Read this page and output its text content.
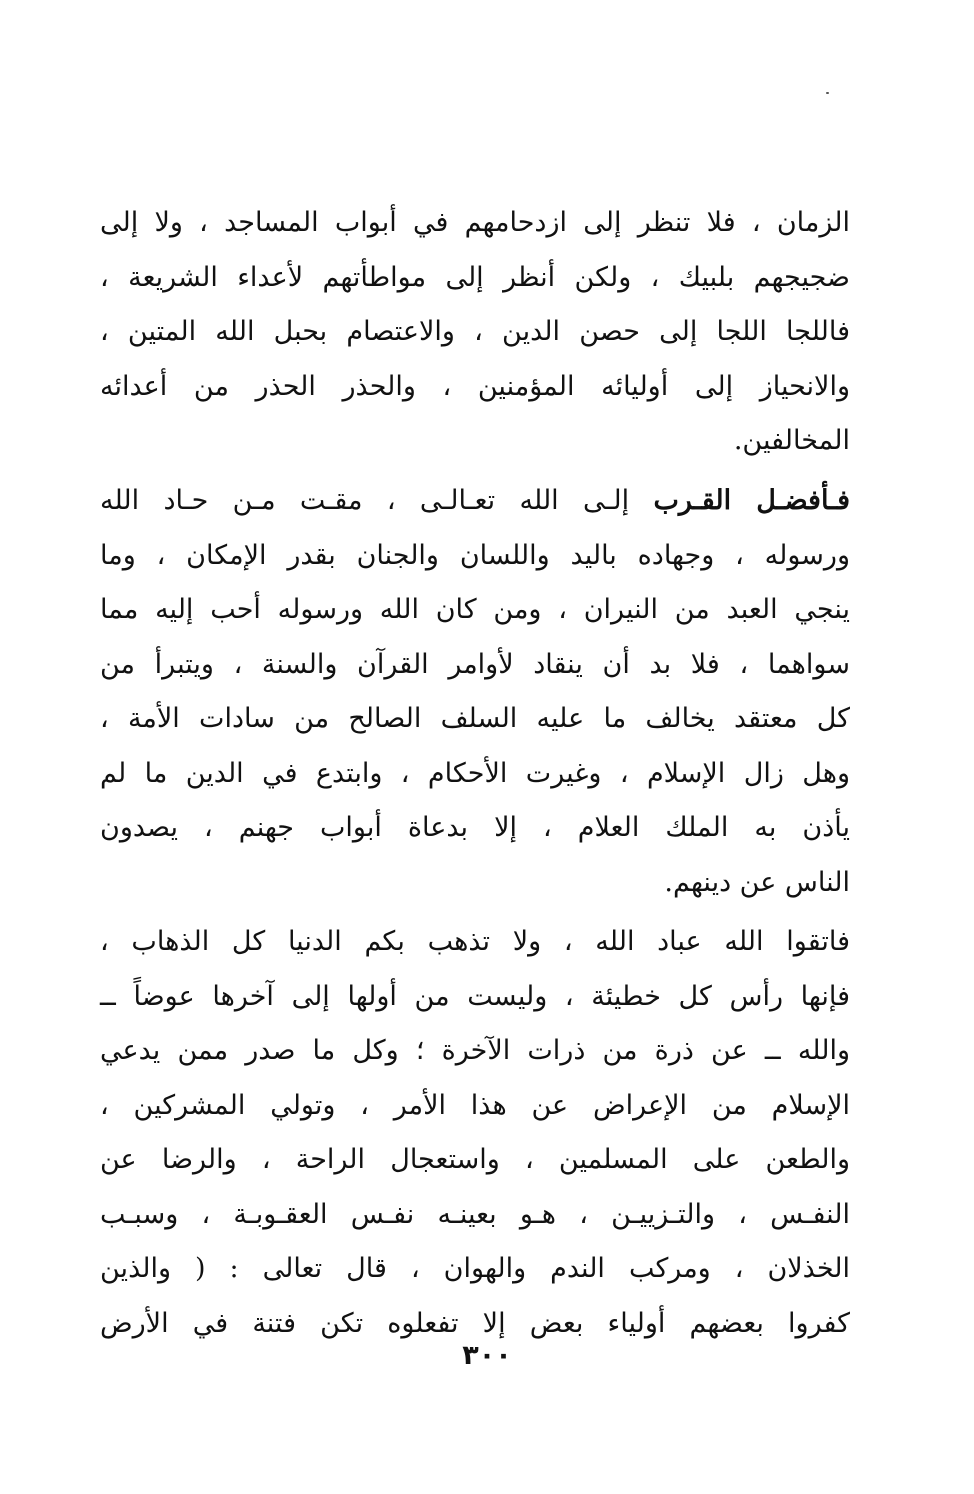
الزمان ، فلا تنظر إلى ازدحامهم في أبواب المساجد ، ولا إلى
ضجيجهم بلبيك ، ولكن أنظر إلى مواطأتهم لأعداء الشريعة ،
فاللجا اللجا إلى حصن الدين ، والاعتصام بحبل الله المتين ،
والانحياز إلى أوليائه المؤمنين ، والحذر الحذر من أعدائه
المخالفين.
فـأفضـل القـرب إلـى الله تعـالـى ، مقـت مـن حـاد الله
ورسوله ، وجهاده باليد واللسان والجنان بقدر الإمكان ، وما
ينجي العبد من النيران ، ومن كان الله ورسوله أحب إليه مما
سواهما ، فلا بد أن ينقاد لأوامر القرآن والسنة ، ويتبرأ من
كل معتقد يخالف ما عليه السلف الصالح من سادات الأمة ،
وهل زال الإسلام ، وغيرت الأحكام ، وابتدع في الدين ما لم
يأذن به الملك العلام ، إلا بدعاة أبواب جهنم ، يصدون
الناس عن دينهم.
فاتقوا الله عباد الله ، ولا تذهب بكم الدنيا كل الذهاب ،
فإنها رأس كل خطيئة ، وليست من أولها إلى آخرها عوضاً ــ
والله ــ عن ذرة من ذرات الآخرة ؛ وكل ما صدر ممن يدعي
الإسلام من الإعراض عن هذا الأمر ، وتولي المشركين ،
والطعن على المسلمين ، واستعجال الراحة ، والرضا عن
النفـس ، والتـزييـن ، هـو بعينـه نفـس العقـوبـة ، وسبـب
الخذلان ، ومركب الندم والهوان ، قال تعالى : ( والذين
كفروا بعضهم أولياء بعض إلا تفعلوه تكن فتنة في الأرض
٣٠٠
